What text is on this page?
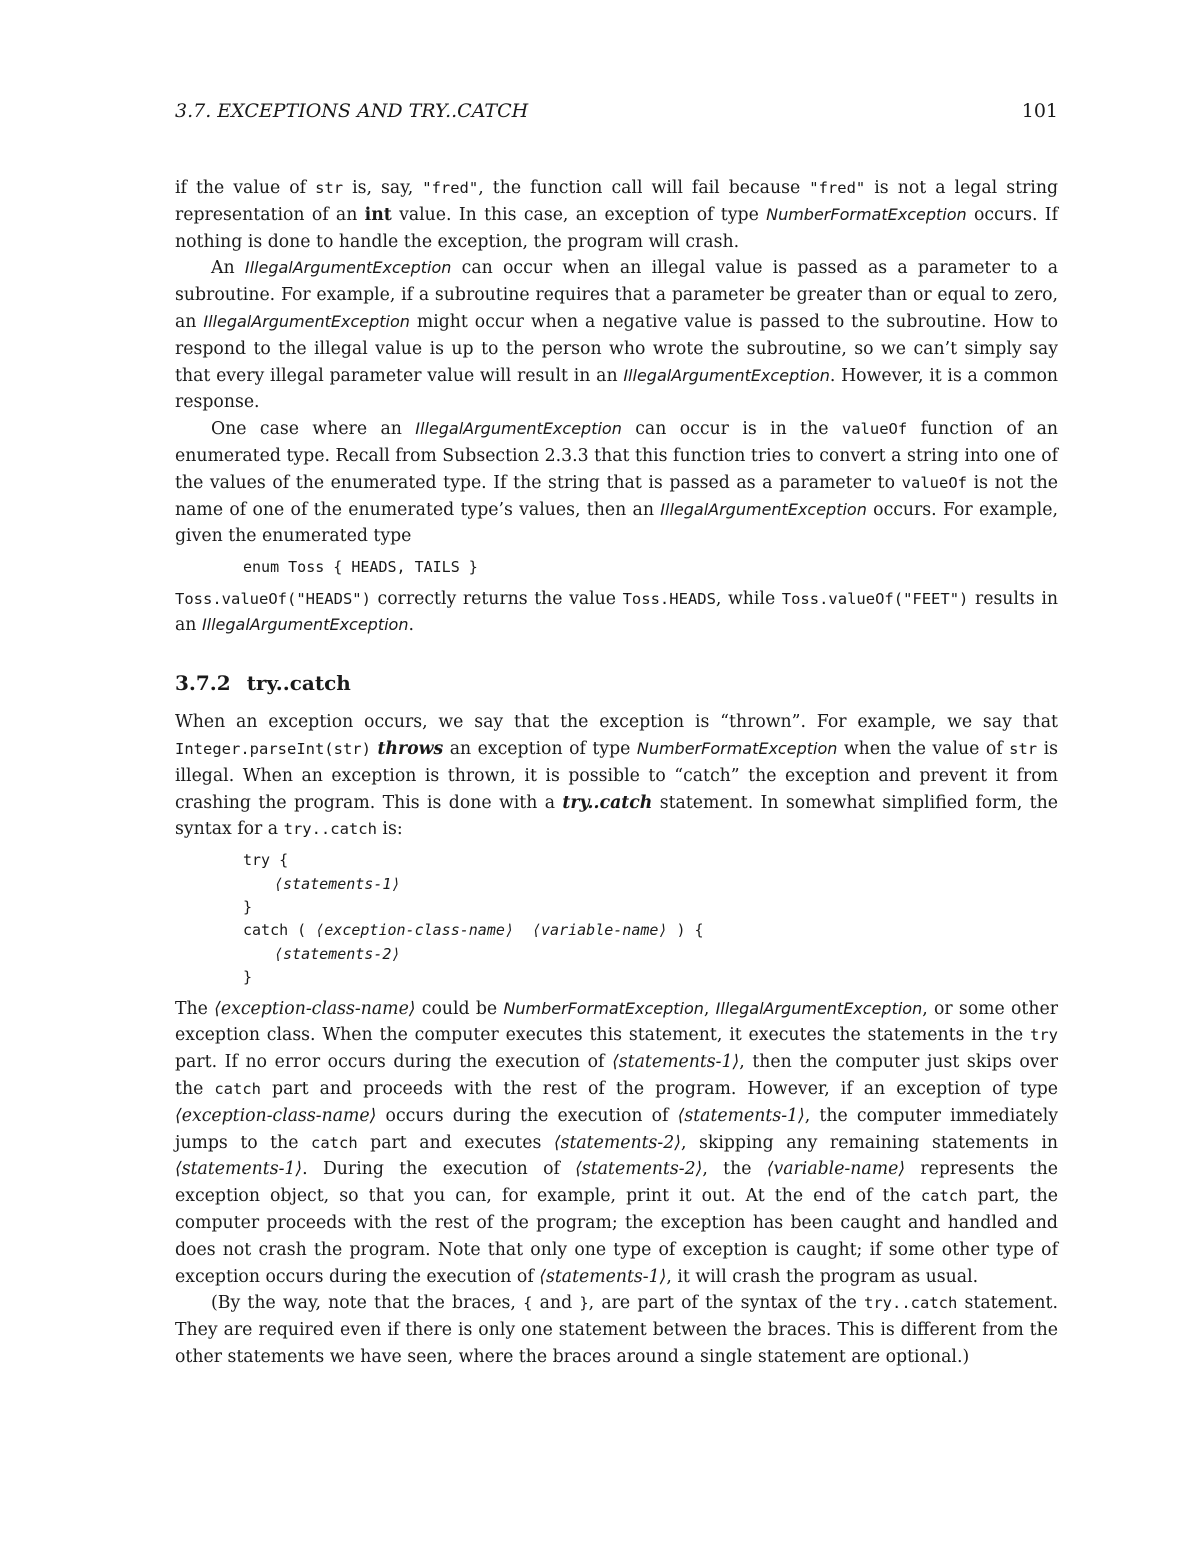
3.7. EXCEPTIONS AND TRY..CATCH	101

if the value of str is, say, "fred", the function call will fail because "fred" is not a legal string representation of an int value. In this case, an exception of type NumberFormatException occurs. If nothing is done to handle the exception, the program will crash.

An IllegalArgumentException can occur when an illegal value is passed as a parameter to a subroutine. For example, if a subroutine requires that a parameter be greater than or equal to zero, an IllegalArgumentException might occur when a negative value is passed to the subroutine. How to respond to the illegal value is up to the person who wrote the subroutine, so we can’t simply say that every illegal parameter value will result in an IllegalArgumentException. However, it is a common response.

One case where an IllegalArgumentException can occur is in the valueOf function of an enumerated type. Recall from Subsection 2.3.3 that this function tries to convert a string into one of the values of the enumerated type. If the string that is passed as a parameter to valueOf is not the name of one of the enumerated type’s values, then an IllegalArgumentException occurs. For example, given the enumerated type

enum Toss { HEADS, TAILS }

Toss.valueOf("HEADS") correctly returns the value Toss.HEADS, while Toss.valueOf("FEET") results in an IllegalArgumentException.

3.7.2 try..catch

When an exception occurs, we say that the exception is “thrown”. For example, we say that Integer.parseInt(str) throws an exception of type NumberFormatException when the value of str is illegal. When an exception is thrown, it is possible to “catch” the exception and prevent it from crashing the program. This is done with a try..catch statement. In somewhat simplified form, the syntax for a try..catch is:

try {
⟨statements-1⟩
}
catch ( ⟨exception-class-name⟩ ⟨variable-name⟩ ) {
⟨statements-2⟩
}

The ⟨exception-class-name⟩ could be NumberFormatException, IllegalArgumentException, or some other exception class. When the computer executes this statement, it executes the statements in the try part. If no error occurs during the execution of ⟨statements-1⟩, then the computer just skips over the catch part and proceeds with the rest of the program. However, if an exception of type ⟨exception-class-name⟩ occurs during the execution of ⟨statements-1⟩, the computer immediately jumps to the catch part and executes ⟨statements-2⟩, skipping any remaining statements in ⟨statements-1⟩. During the execution of ⟨statements-2⟩, the ⟨variable-name⟩ represents the exception object, so that you can, for example, print it out. At the end of the catch part, the computer proceeds with the rest of the program; the exception has been caught and handled and does not crash the program. Note that only one type of exception is caught; if some other type of exception occurs during the execution of ⟨statements-1⟩, it will crash the program as usual.

(By the way, note that the braces, { and }, are part of the syntax of the try..catch statement. They are required even if there is only one statement between the braces. This is different from the other statements we have seen, where the braces around a single statement are optional.)
